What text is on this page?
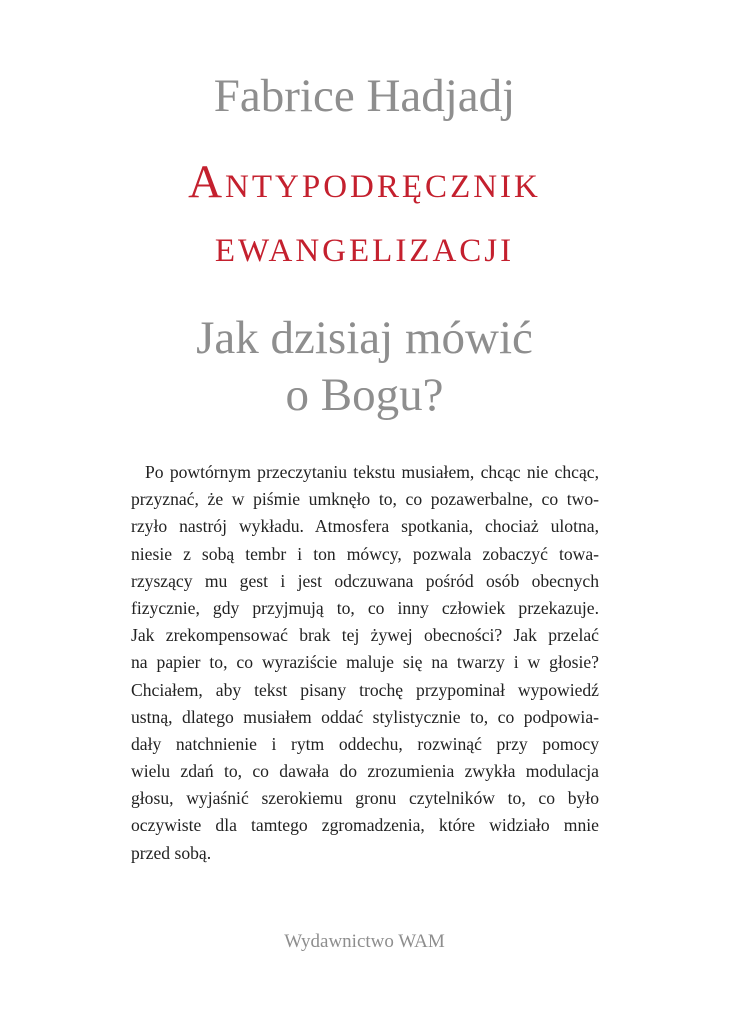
Fabrice Hadjadj
Antypodręcznik
ewangelizacji
Jak dzisiaj mówić
o Bogu?
Po powtórnym przeczytaniu tekstu musiałem, chcąc nie chcąc,
przyznać, że w piśmie umknęło to, co pozawerbalne, co two-
rzyło nastrój wykładu. Atmosfera spotkania, chociaż ulotna,
niesie z sobą tembr i ton mówcy, pozwala zobaczyć towa-
rzyszący mu gest i jest odczuwana pośród osób obecnych
fizycznie, gdy przyjmują to, co inny człowiek przekazuje.
Jak zrekompensować brak tej żywej obecności? Jak przelać
na papier to, co wyraziście maluje się na twarzy i w głosie?
Chciałem, aby tekst pisany trochę przypominał wypowiedź
ustną, dlatego musiałem oddać stylistycznie to, co podpowia-
dały natchnienie i rytm oddechu, rozwinąć przy pomocy
wielu zdań to, co dawała do zrozumienia zwykła modulacja
głosu, wyjaśnić szerokiemu gronu czytelników to, co było
oczywiste dla tamtego zgromadzenia, które widziało mnie
przed sobą.
Wydawnictwo WAM
